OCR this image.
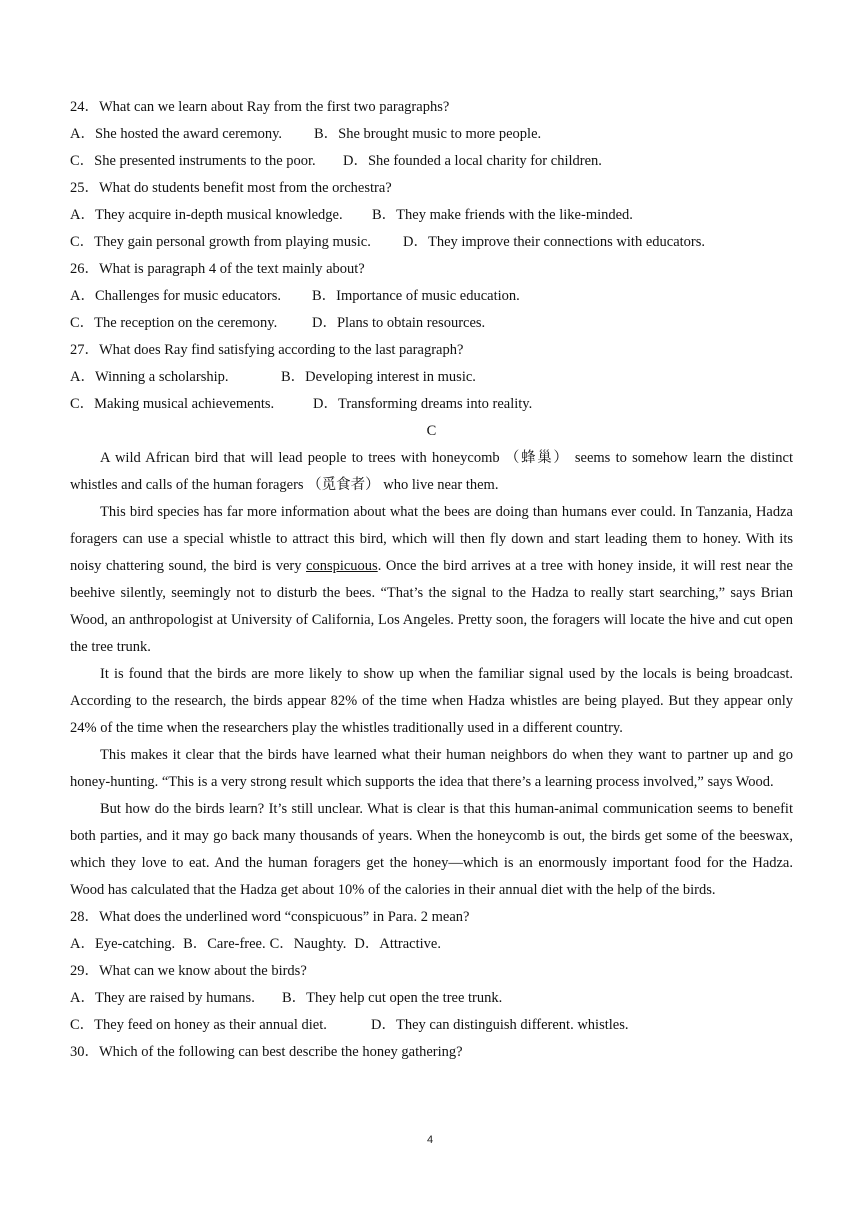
24．What can we learn about Ray from the first two paragraphs?
A．She hosted the award ceremony. B．She brought music to more people.
C．She presented instruments to the poor. D．She founded a local charity for children.
25．What do students benefit most from the orchestra?
A．They acquire in-depth musical knowledge. B．They make friends with the like-minded.
C．They gain personal growth from playing music. D．They improve their connections with educators.
26．What is paragraph 4 of the text mainly about?
A．Challenges for music educators. B．Importance of music education.
C．The reception on the ceremony. D．Plans to obtain resources.
27．What does Ray find satisfying according to the last paragraph?
A．Winning a scholarship.	B．Developing interest in music.
C．Making musical achievements.	D．Transforming dreams into reality.
C

A wild African bird that will lead people to trees with honeycomb （蜂巢） seems to somehow learn the distinct whistles and calls of the human foragers （觅食者） who live near them.

This bird species has far more information about what the bees are doing than humans ever could. In Tanzania, Hadza foragers can use a special whistle to attract this bird, which will then fly down and start leading them to honey. With its noisy chattering sound, the bird is very conspicuous. Once the bird arrives at a tree with honey inside, it will rest near the beehive silently, seemingly not to disturb the bees. “That’s the signal to the Hadza to really start searching,” says Brian Wood, an anthropologist at University of California, Los Angeles. Pretty soon, the foragers will locate the hive and cut open the tree trunk.

It is found that the birds are more likely to show up when the familiar signal used by the locals is being broadcast. According to the research, the birds appear 82% of the time when Hadza whistles are being played. But they appear only 24% of the time when the researchers play the whistles traditionally used in a different country.

This makes it clear that the birds have learned what their human neighbors do when they want to partner up and go honey-hunting. “This is a very strong result which supports the idea that there’s a learning process involved,” says Wood.

But how do the birds learn? It’s still unclear. What is clear is that this human-animal communication seems to benefit both parties, and it may go back many thousands of years. When the honeycomb is out, the birds get some of the beeswax, which they love to eat. And the human foragers get the honey—which is an enormously important food for the Hadza. Wood has calculated that the Hadza get about 10% of the calories in their annual diet with the help of the birds.

28．What does the underlined word “conspicuous” in Para. 2 mean?
A．Eye-catching. B．Care-free. C．Naughty. D．Attractive.
29．What can we know about the birds?
A．They are raised by humans. B．They help cut open the tree trunk.
C．They feed on honey as their annual diet.	D．They can distinguish different. whistles.
30．Which of the following can best describe the honey gathering?
4
